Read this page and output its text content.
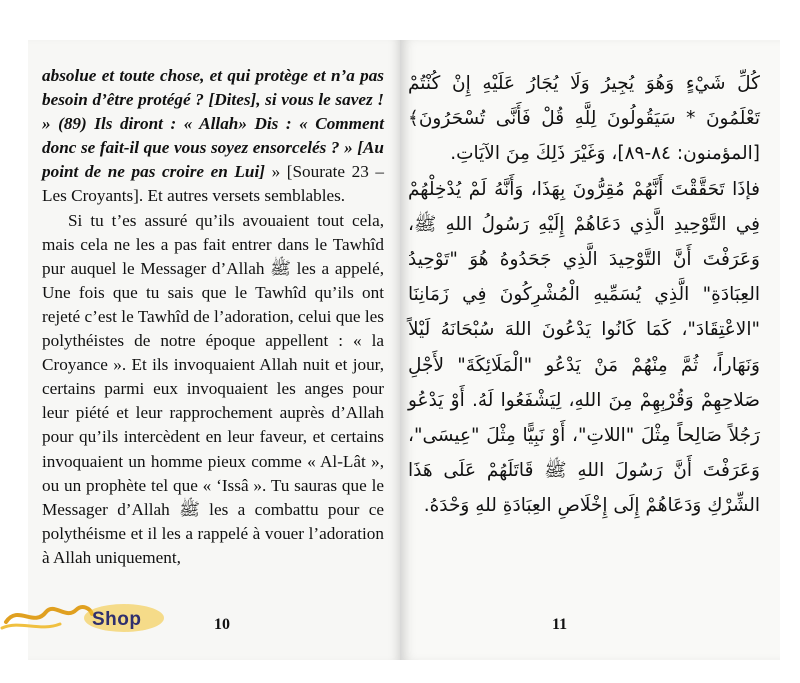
absolue et toute chose, et qui protège et n’a pas besoin d’être protégé ? [Dites], si vous le savez ! » (89) Ils diront : « Allah» Dis : « Comment donc se fait-il que vous soyez ensorcelés ? » [Au point de ne pas croire en Lui] » [Sourate 23 – Les Croyants]. Et autres versets semblables.

Si tu t’es assuré qu’ils avouaient tout cela, mais cela ne les a pas fait entrer dans le Tawhîd pur auquel le Messager d’Allah ﷺ les a appelé, Une fois que tu sais que le Tawhîd qu’ils ont rejeté c’est le Tawhîd de l’adoration, celui que les polythéistes de notre époque appellent : « la Croyance ». Et ils invoquaient Allah nuit et jour, certains parmi eux invoquaient les anges pour leur piété et leur rapprochement auprès d’Allah pour qu’ils intercèdent en leur faveur, et certains invoquaient un homme pieux comme « Al-Lât », ou un prophète tel que « ‘Issâ ». Tu sauras que le Messager d’Allah ﷺ les a combattu pour ce polythéisme et il les a rappelé à vouer l’adoration à Allah uniquement,

10

كُلِّ شَيْءٍ وَهُوَ يُجِيرُ وَلَا يُجَارُ عَلَيْهِ إِنْ كُنْتُمْ تَعْلَمُونَ * سَيَقُولُونَ لِلَّهِ قُلْ فَأَنَّى تُسْحَرُونَ﴾ [المؤمنون: ٨٤-٨٩]، وَغَيْرَ ذَلِكَ مِنَ الآيَاتِ.

فإذَا تَحَقَّقْتَ أَنَّهُمْ مُقِرُّونَ بِهَذَا، وَأَنَّهُ لَمْ يُدْخِلْهُمْ فِي التَّوْحِيدِ الَّذِي دَعَاهُمْ إِلَيْهِ رَسُولُ اللهِ ﷺ، وَعَرَفْتَ أَنَّ التَّوْحِيدَ الَّذِي جَحَدُوهُ هُوَ "تَوْحِيدُ العِبَادَةِ" الَّذِي يُسَمِّيهِ الْمُشْرِكُونَ فِي زَمَانِنَا "الاعْتِقَادَ"، كَمَا كَانُوا يَدْعُونَ اللهَ سُبْحَانَهُ لَيْلاً وَنَهَاراً، ثُمَّ مِنْهُمْ مَنْ يَدْعُو "الْمَلَائِكَةَ" لأَجْلِ صَلاحِهِمْ وَقُرْبِهِمْ مِنَ اللهِ، لِيَشْفَعُوا لَهُ. أَوْ يَدْعُو رَجُلاً صَالِحاً مِثْلَ "اللاتِ"، أَوْ نَبِيًّا مِثْلَ "عِيسَى"، وَعَرَفْتَ أَنَّ رَسُولَ اللهِ ﷺ قَاتَلَهُمْ عَلَى هَذَا الشِّرْكِ وَدَعَاهُمْ إِلَى إِخْلَاصِ العِبَادَةِ للهِ وَحْدَهُ.

11
Shop
